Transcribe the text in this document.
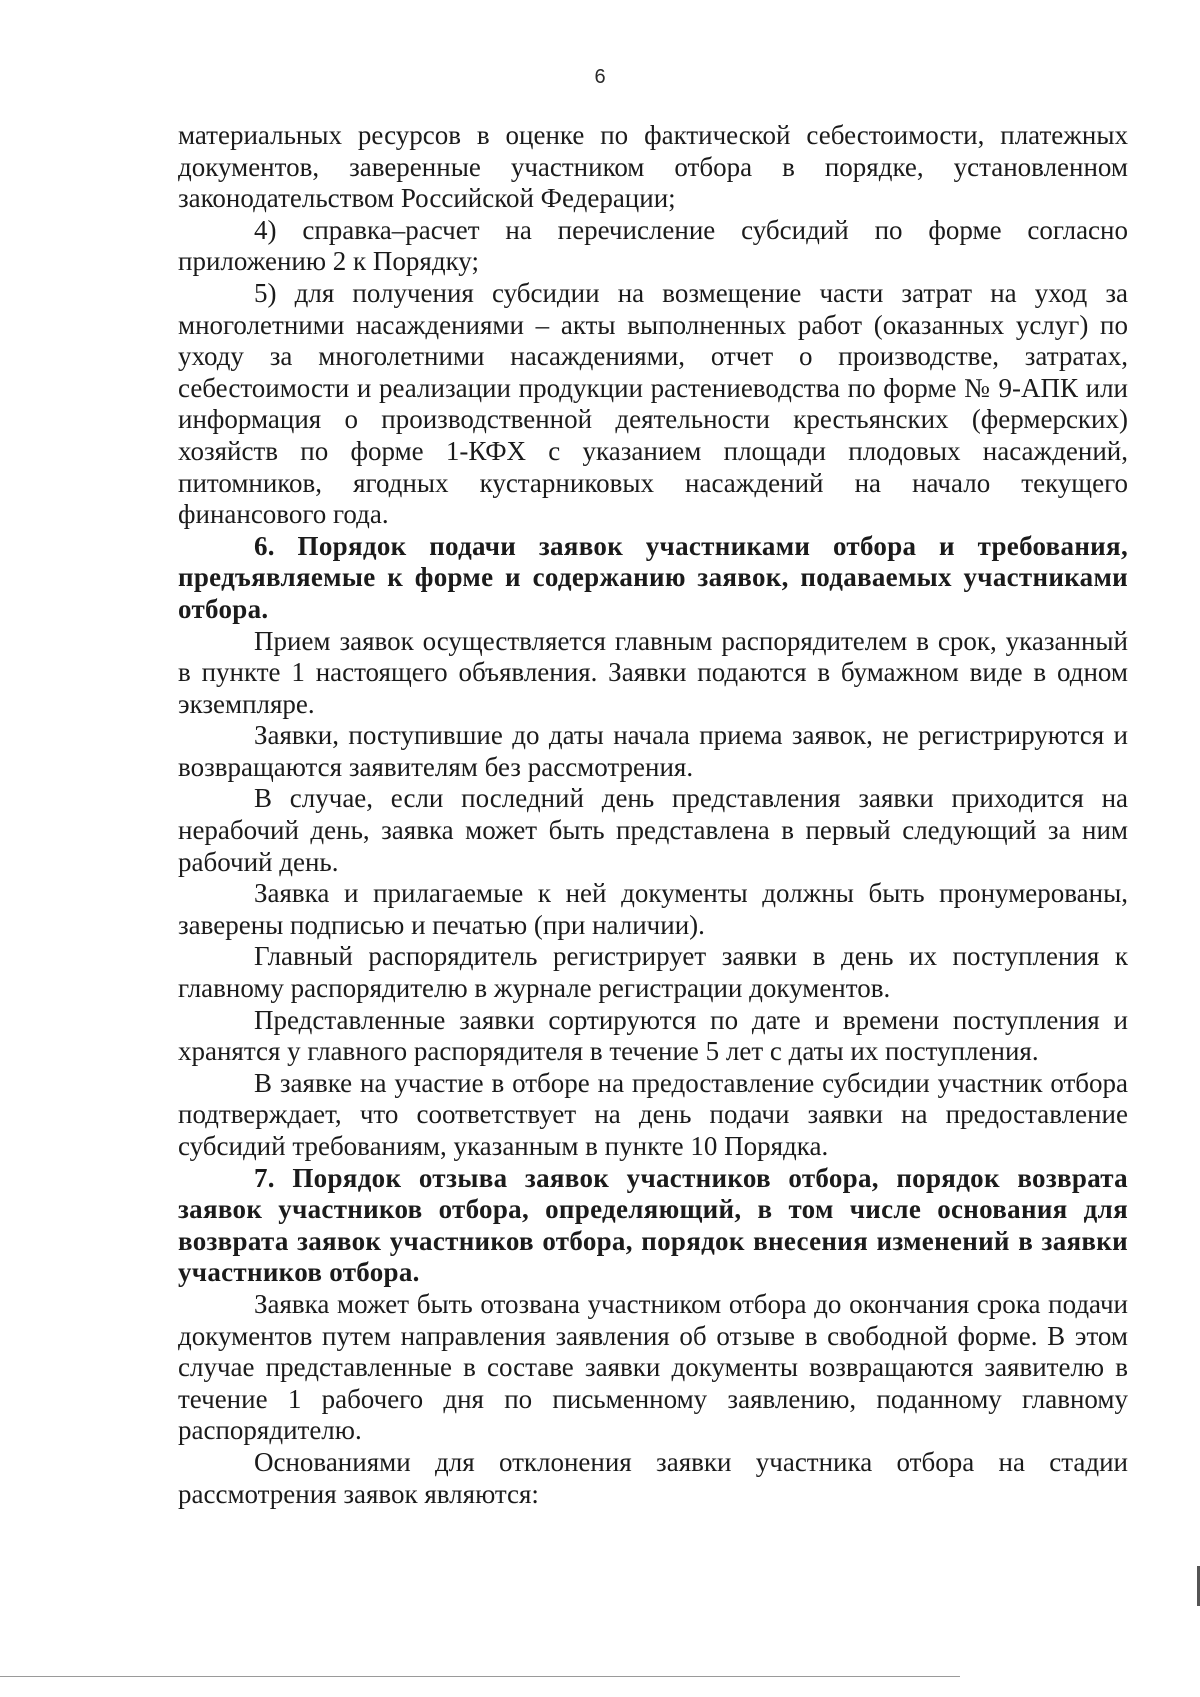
6

материальных ресурсов в оценке по фактической себестоимости, платежных документов, заверенные участником отбора в порядке, установленном законодательством Российской Федерации;

4) справка–расчет на перечисление субсидий по форме согласно приложению 2 к Порядку;

5) для получения субсидии на возмещение части затрат на уход за многолетними насаждениями – акты выполненных работ (оказанных услуг) по уходу за многолетними насаждениями, отчет о производстве, затратах, себестоимости и реализации продукции растениеводства по форме № 9-АПК или информация о производственной деятельности крестьянских (фермерских) хозяйств по форме 1-КФХ с указанием площади плодовых насаждений, питомников, ягодных кустарниковых насаждений на начало текущего финансового года.

6. Порядок подачи заявок участниками отбора и требования, предъявляемые к форме и содержанию заявок, подаваемых участниками отбора.

Прием заявок осуществляется главным распорядителем в срок, указанный в пункте 1 настоящего объявления. Заявки подаются в бумажном виде в одном экземпляре.

Заявки, поступившие до даты начала приема заявок, не регистрируются и возвращаются заявителям без рассмотрения.

В случае, если последний день представления заявки приходится на нерабочий день, заявка может быть представлена в первый следующий за ним рабочий день.

Заявка и прилагаемые к ней документы должны быть пронумерованы, заверены подписью и печатью (при наличии).

Главный распорядитель регистрирует заявки в день их поступления к главному распорядителю в журнале регистрации документов.

Представленные заявки сортируются по дате и времени поступления и хранятся у главного распорядителя в течение 5 лет с даты их поступления.

В заявке на участие в отборе на предоставление субсидии участник отбора подтверждает, что соответствует на день подачи заявки на предоставление субсидий требованиям, указанным в пункте 10 Порядка.

7. Порядок отзыва заявок участников отбора, порядок возврата заявок участников отбора, определяющий, в том числе основания для возврата заявок участников отбора, порядок внесения изменений в заявки участников отбора.

Заявка может быть отозвана участником отбора до окончания срока подачи документов путем направления заявления об отзыве в свободной форме. В этом случае представленные в составе заявки документы возвращаются заявителю в течение 1 рабочего дня по письменному заявлению, поданному главному распорядителю.

Основаниями для отклонения заявки участника отбора на стадии рассмотрения заявок являются:
